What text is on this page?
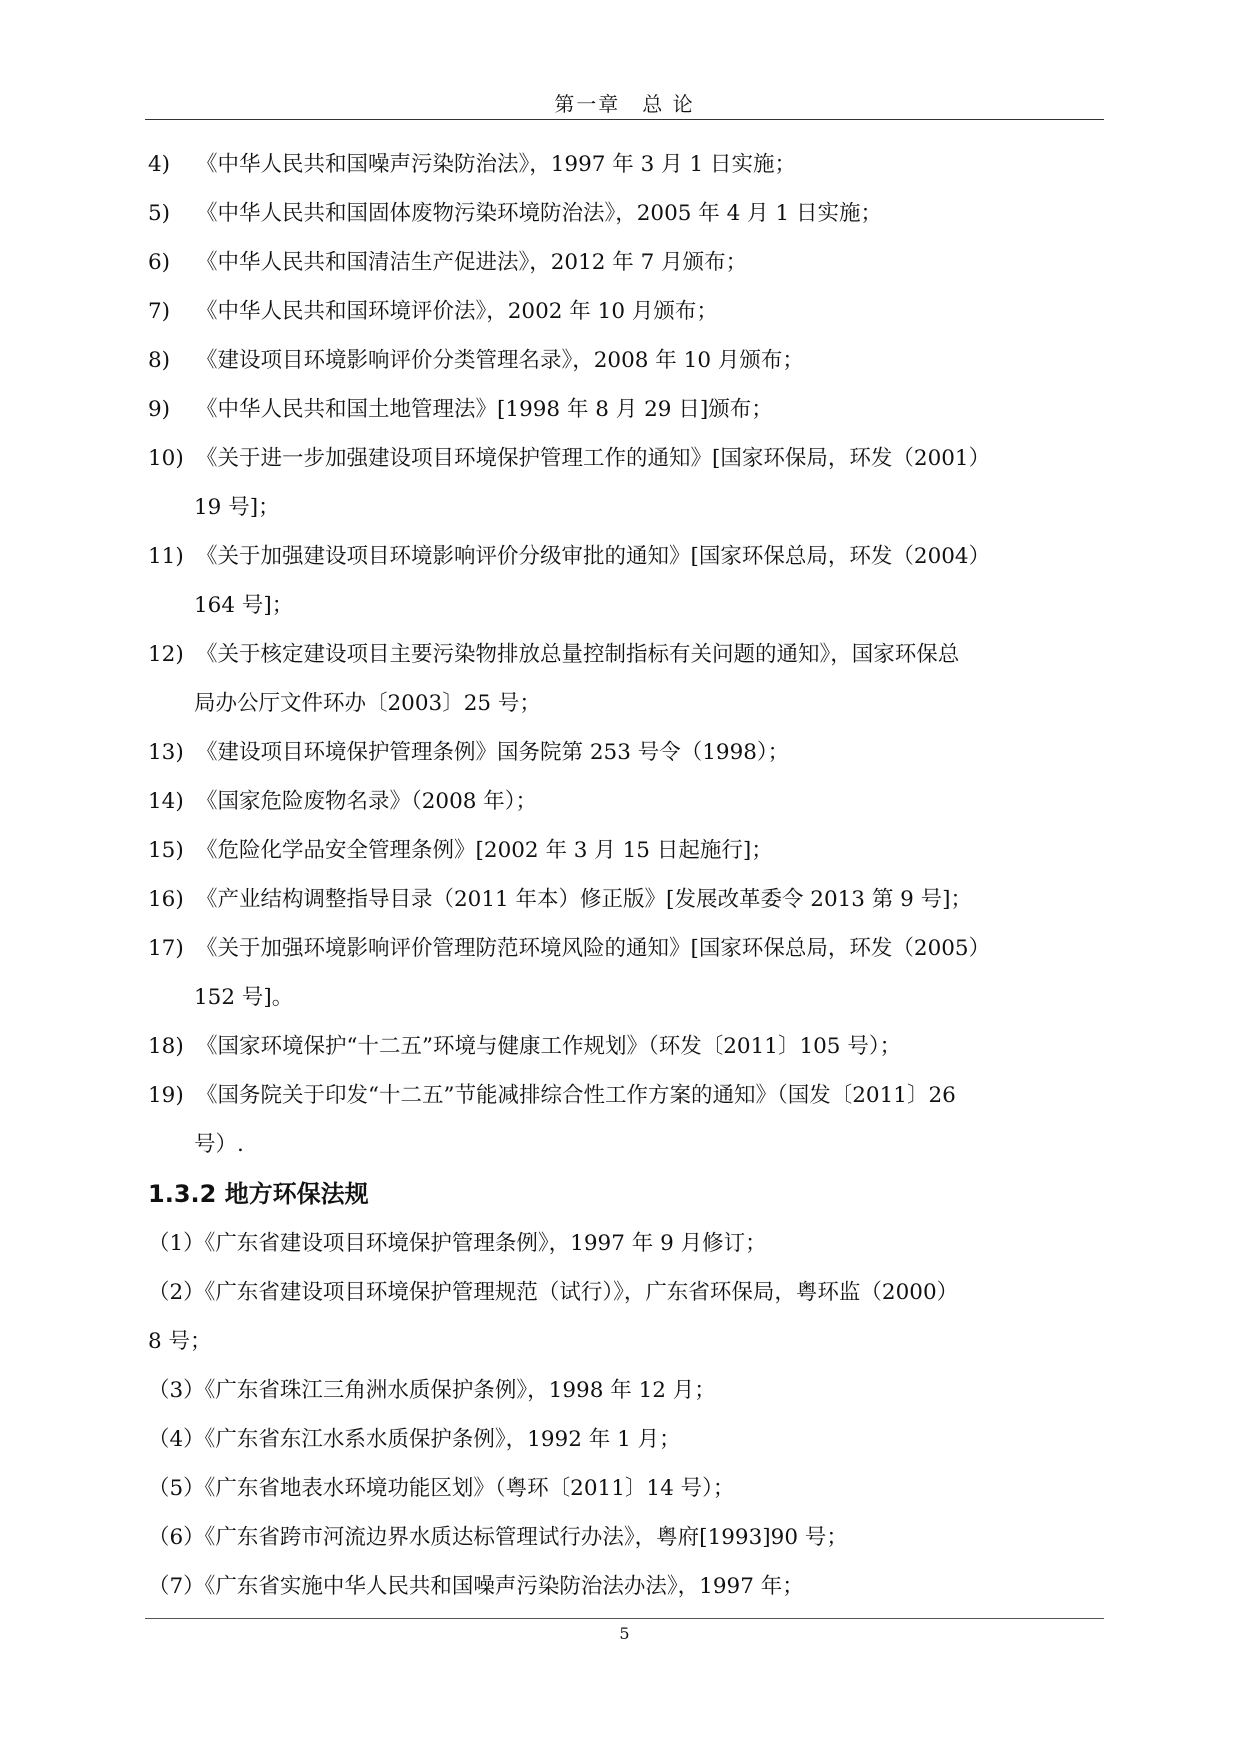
第一章　总 论
4) 《中华人民共和国噪声污染防治法》，1997 年 3 月 1 日实施；
5) 《中华人民共和国固体废物污染环境防治法》，2005 年 4 月 1 日实施；
6) 《中华人民共和国清洁生产促进法》，2012 年 7 月颁布；
7) 《中华人民共和国环境评价法》，2002 年 10 月颁布；
8) 《建设项目环境影响评价分类管理名录》，2008 年 10 月颁布；
9) 《中华人民共和国土地管理法》[1998 年 8 月 29 日]颁布；
10) 《关于进一步加强建设项目环境保护管理工作的通知》[国家环保局，环发（2001）
19 号]；
11) 《关于加强建设项目环境影响评价分级审批的通知》[国家环保总局，环发（2004）
164 号]；
12) 《关于核定建设项目主要污染物排放总量控制指标有关问题的通知》，国家环保总
局办公厅文件环办〔2003〕25 号；
13) 《建设项目环境保护管理条例》国务院第 253 号令（1998）；
14) 《国家危险废物名录》（2008 年）；
15) 《危险化学品安全管理条例》[2002 年 3 月 15 日起施行]；
16) 《产业结构调整指导目录（2011 年本）修正版》[发展改革委令 2013 第 9 号]；
17) 《关于加强环境影响评价管理防范环境风险的通知》[国家环保总局，环发（2005）
152 号]。
18) 《国家环境保护“十二五”环境与健康工作规划》（环发〔2011〕105 号）；
19) 《国务院关于印发“十二五”节能减排综合性工作方案的通知》（国发〔2011〕26
号）.
1.3.2 地方环保法规
（1）《广东省建设项目环境保护管理条例》，1997 年 9 月修订；
（2）《广东省建设项目环境保护管理规范（试行）》，广东省环保局，粤环监（2000）
8 号；
（3）《广东省珠江三角洲水质保护条例》，1998 年 12 月；
（4）《广东省东江水系水质保护条例》，1992 年 1 月；
（5）《广东省地表水环境功能区划》（粤环〔2011〕14 号）；
（6）《广东省跨市河流边界水质达标管理试行办法》，粤府[1993]90 号；
（7）《广东省实施中华人民共和国噪声污染防治法办法》，1997 年；
5
